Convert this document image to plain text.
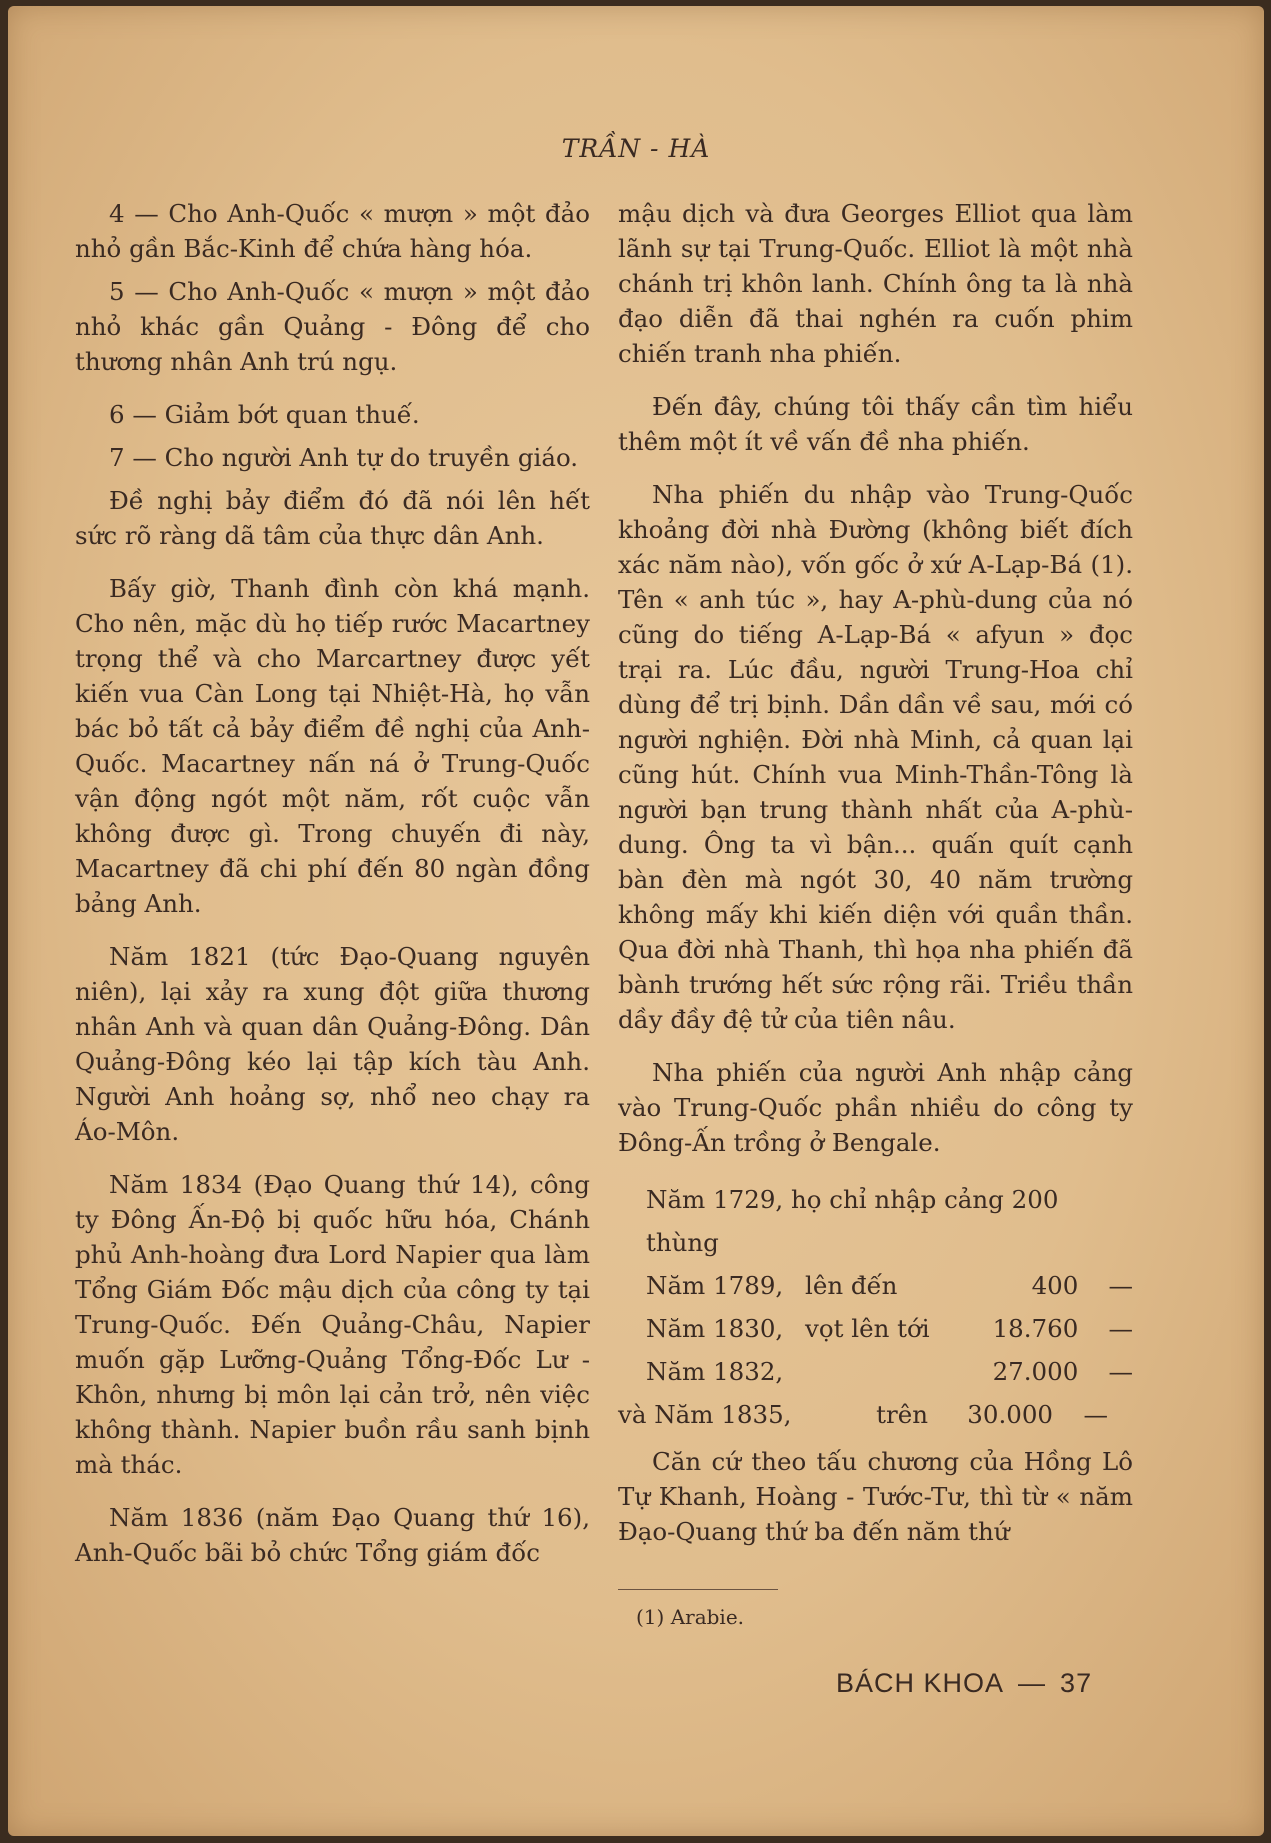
TRẦN - HÀ

4 — Cho Anh-Quốc « mượn » một đảo nhỏ gần Bắc-Kinh để chứa hàng hóa.

5 — Cho Anh-Quốc « mượn » một đảo nhỏ khác gần Quảng - Đông để cho thương nhân Anh trú ngụ.

6 — Giảm bớt quan thuế.

7 — Cho người Anh tự do truyền giáo.

Đề nghị bảy điểm đó đã nói lên hết sức rõ ràng dã tâm của thực dân Anh.

Bấy giờ, Thanh đình còn khá mạnh. Cho nên, mặc dù họ tiếp rước Macartney trọng thể và cho Marcartney được yết kiến vua Càn Long tại Nhiệt-Hà, họ vẫn bác bỏ tất cả bảy điểm đề nghị của Anh-Quốc. Macartney nấn ná ở Trung-Quốc vận động ngót một năm, rốt cuộc vẫn không được gì. Trong chuyến đi này, Macartney đã chi phí đến 80 ngàn đồng bảng Anh.

Năm 1821 (tức Đạo-Quang nguyên niên), lại xảy ra xung đột giữa thương nhân Anh và quan dân Quảng-Đông. Dân Quảng-Đông kéo lại tập kích tàu Anh. Người Anh hoảng sợ, nhổ neo chạy ra Áo-Môn.

Năm 1834 (Đạo Quang thứ 14), công ty Đông Ấn-Độ bị quốc hữu hóa, Chánh phủ Anh-hoàng đưa Lord Napier qua làm Tổng Giám Đốc mậu dịch của công ty tại Trung-Quốc. Đến Quảng-Châu, Napier muốn gặp Lưỡng-Quảng Tổng-Đốc Lư - Khôn, nhưng bị môn lại cản trở, nên việc không thành. Napier buồn rầu sanh bịnh mà thác.

Năm 1836 (năm Đạo Quang thứ 16), Anh-Quốc bãi bỏ chức Tổng giám đốc

mậu dịch và đưa Georges Elliot qua làm lãnh sự tại Trung-Quốc. Elliot là một nhà chánh trị khôn lanh. Chính ông ta là nhà đạo diễn đã thai nghén ra cuốn phim chiến tranh nha phiến.

Đến đây, chúng tôi thấy cần tìm hiểu thêm một ít về vấn đề nha phiến.

Nha phiến du nhập vào Trung-Quốc khoảng đời nhà Đường (không biết đích xác năm nào), vốn gốc ở xứ A-Lạp-Bá (1). Tên « anh túc », hay A-phù-dung của nó cũng do tiếng A-Lạp-Bá « afyun » đọc trại ra. Lúc đầu, người Trung-Hoa chỉ dùng để trị bịnh. Dần dần về sau, mới có người nghiện. Đời nhà Minh, cả quan lại cũng hút. Chính vua Minh-Thần-Tông là người bạn trung thành nhất của A-phù-dung. Ông ta vì bận... quấn quít cạnh bàn đèn mà ngót 30, 40 năm trường không mấy khi kiến diện với quần thần. Qua đời nhà Thanh, thì họa nha phiến đã bành trướng hết sức rộng rãi. Triều thần dầy đầy đệ tử của tiên nâu.

Nha phiến của người Anh nhập cảng vào Trung-Quốc phần nhiều do công ty Đông-Ấn trồng ở Bengale.

Năm 1729, họ chỉ nhập cảng 200 thùng
Năm 1789, lên đến	400	—
Năm 1830, vọt lên tới	18.760	—
Năm 1832,	27.000	—
và Năm 1835,	trên	30.000	—

Căn cứ theo tấu chương của Hồng Lô Tự Khanh, Hoàng - Tước-Tư, thì từ « năm Đạo-Quang thứ ba đến năm thứ

(1) Arabie.
BÁCH KHOA — 37
